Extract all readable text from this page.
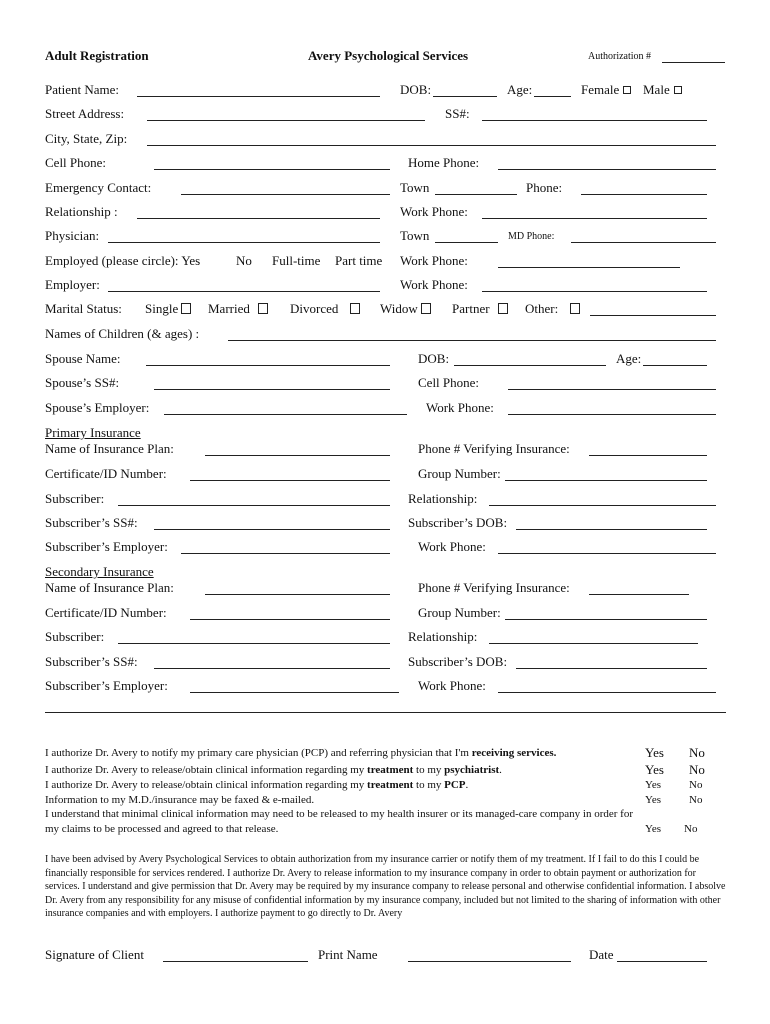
Adult Registration	Avery Psychological Services	Authorization #
Patient Name:	DOB:	Age:	Female	Male
Street Address:	SS#:
City, State, Zip:
Cell Phone:	Home Phone:
Emergency Contact:	Town	Phone:
Relationship :	Work Phone:
Physician:	Town	MD Phone:
Employed (please circle): Yes	No Full-time Part time Work Phone:
Employer:	Work Phone:
Marital Status: Single	Married	Divorced	Widow	Partner	Other:
Names of Children (& ages) :
Spouse Name:	DOB:	Age:
Spouse’s SS#:	Cell Phone:
Spouse’s Employer:	Work Phone:
Primary Insurance
Name of Insurance Plan:	Phone # Verifying Insurance:
Certificate/ID Number:	Group Number:
Subscriber:	Relationship:
Subscriber’s SS#:	Subscriber’s DOB:
Subscriber’s Employer:	Work Phone:
Secondary Insurance
Name of Insurance Plan:	Phone # Verifying Insurance:
Certificate/ID Number:	Group Number:
Subscriber:	Relationship:
Subscriber’s SS#:	Subscriber’s DOB:
Subscriber’s Employer:	Work Phone:
I authorize Dr. Avery to notify my primary care physician (PCP) and referring physician that I'm receiving services.	Yes No
I authorize Dr. Avery to release/obtain clinical information regarding my treatment to my psychiatrist.	Yes No
I authorize Dr. Avery to release/obtain clinical information regarding my treatment to my PCP.	Yes	No
Information to my M.D./insurance may be faxed & e-mailed.	Yes	No
I understand that minimal clinical information may need to be released to my health insurer or its managed-care company in order for
my claims to be processed and agreed to that release.	Yes No
I have been advised by Avery Psychological Services to obtain authorization from my insurance carrier or notify them of my treatment. If I fail to do this I could be financially responsible for services rendered. I authorize Dr. Avery to release information to my insurance company in order to obtain payment or authorization for services. I understand and give permission that Dr. Avery may be required by my insurance company to release personal and otherwise confidential information. I absolve Dr. Avery from any responsibility for any misuse of confidential information by my insurance company, included but not limited to the sharing of information with other insurance companies and with employers. I authorize payment to go directly to Dr. Avery
Signature of Client	Print Name	Date
